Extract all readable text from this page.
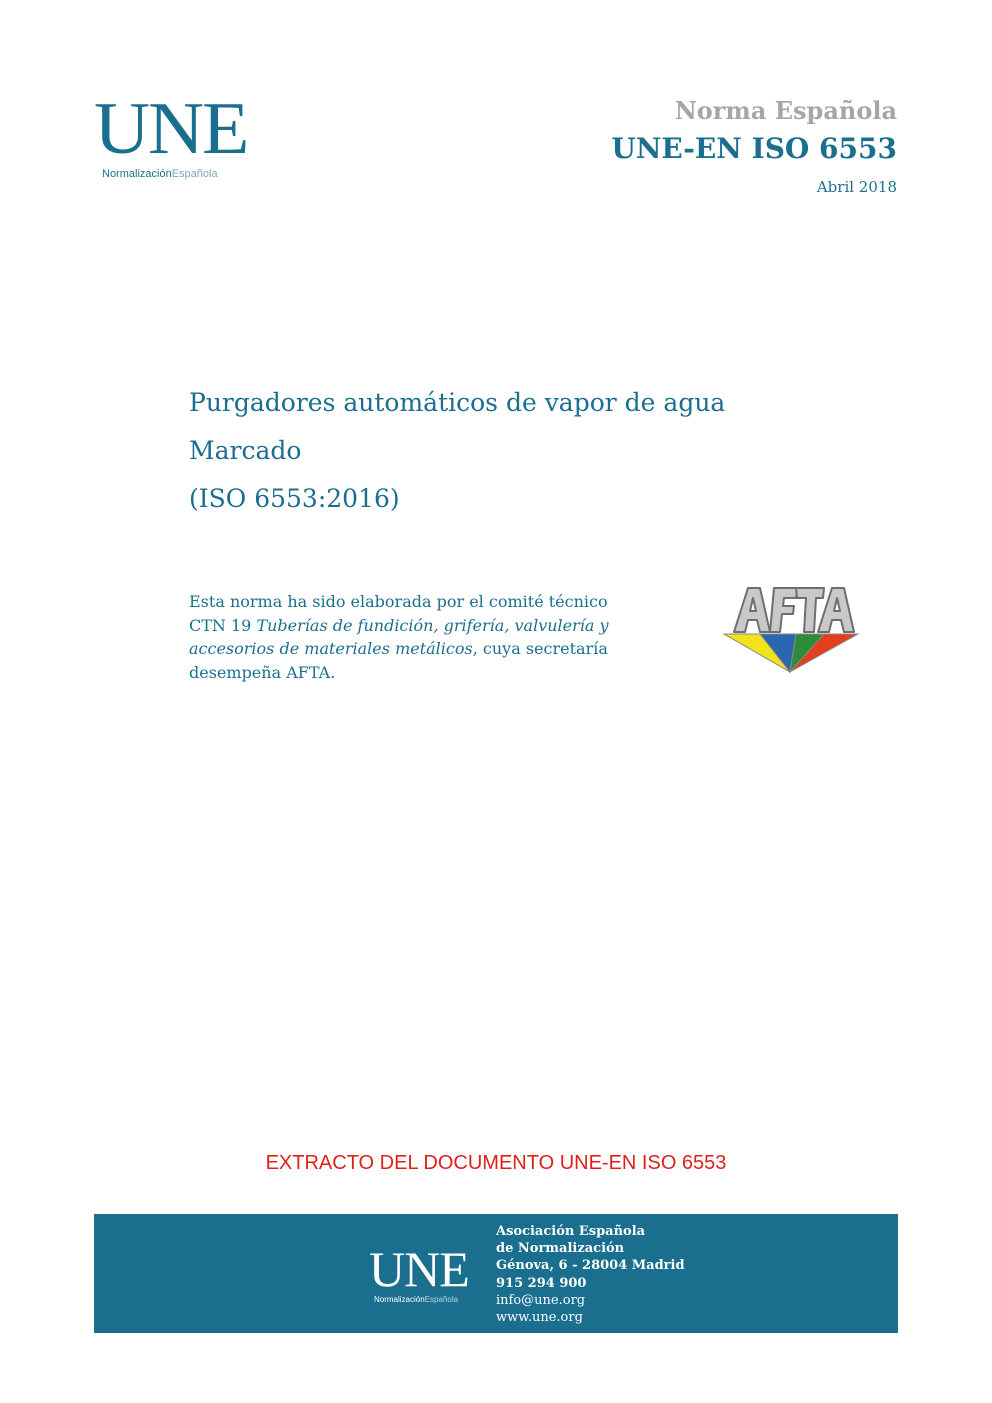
UNE
NormalizaciónEspañola
Norma Española
UNE-EN ISO 6553
Abril 2018
Purgadores automáticos de vapor de agua
Marcado
(ISO 6553:2016)
Esta norma ha sido elaborada por el comité técnico CTN 19 Tuberías de fundición, grifería, valvulería y accesorios de materiales metálicos, cuya secretaría desempeña AFTA.
EXTRACTO DEL DOCUMENTO UNE-EN ISO 6553
UNE
NormalizaciónEspañola
Asociación Española
de Normalización
Génova, 6 - 28004 Madrid
915 294 900
info@une.org
www.une.org
